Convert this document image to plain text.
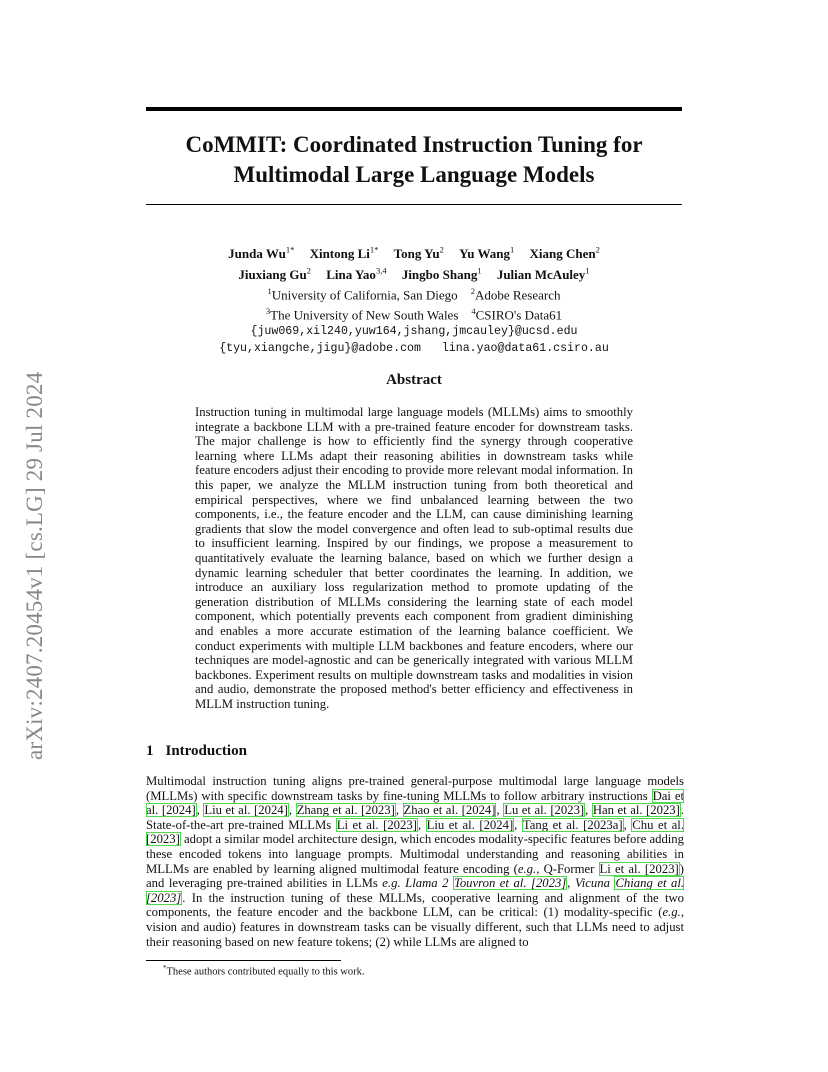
arXiv:2407.20454v1 [cs.LG] 29 Jul 2024
CoMMIT: Coordinated Instruction Tuning for
Multimodal Large Language Models
Junda $Wu^{1*}$ Xintong $Li^{1*}$ Tong Yu$^2$ Yu Wang$^1$ Xiang Chen$^2$
Jiuxiang Gu$^2$ Lina Yao$^{3,4}$ Jingbo Shang$^1$ Julian McAuley$^1$
$^1$University of California, San Diego $^2$Adobe Research
$^3$The University of New South Wales $^4$CSIRO's Data61
{juw069,xil240,yuw164,jshang,jmcauley}@ucsd.edu
{tyu,xiangche,jigu}@adobe.com lina.yao@data61.csiro.au
Abstract
Instruction tuning in multimodal large language models (MLLMs) aims to smoothly integrate a backbone LLM with a pre-trained feature encoder for downstream tasks. The major challenge is how to efficiently find the synergy through cooperative learning where LLMs adapt their reasoning abilities in downstream tasks while feature encoders adjust their encoding to provide more relevant modal information. In this paper, we analyze the MLLM instruction tuning from both theoretical and empirical perspectives, where we find unbalanced learning between the two components, i.e., the feature encoder and the LLM, can cause diminishing learning gradients that slow the model convergence and often lead to sub-optimal results due to insufficient learning. Inspired by our findings, we propose a measurement to quantitatively evaluate the learning balance, based on which we further design a dynamic learning scheduler that better coordinates the learning. In addition, we introduce an auxiliary loss regularization method to promote updating of the generation distribution of MLLMs considering the learning state of each model component, which potentially prevents each component from gradient diminishing and enables a more accurate estimation of the learning balance coefficient. We conduct experiments with multiple LLM backbones and feature encoders, where our techniques are model-agnostic and can be generically integrated with various MLLM backbones. Experiment results on multiple downstream tasks and modalities in vision and audio, demonstrate the proposed method's better efficiency and effectiveness in MLLM instruction tuning.
1 Introduction
Multimodal instruction tuning aligns pre-trained general-purpose multimodal large language models (MLLMs) with specific downstream tasks by fine-tuning MLLMs to follow arbitrary instructions Dai et al. [2024], Liu et al. [2024], Zhang et al. [2023], Zhao et al. [2024], Lu et al. [2023], Han et al. [2023]. State-of-the-art pre-trained MLLMs Li et al. [2023], Liu et al. [2024], Tang et al. [2023a], Chu et al. [2023] adopt a similar model architecture design, which encodes modality-specific features before adding these encoded tokens into language prompts. Multimodal understanding and reasoning abilities in MLLMs are enabled by learning aligned multimodal feature encoding (e.g., Q-Former Li et al. [2023]) and leveraging pre-trained abilities in LLMs e.g. Llama 2 Touvron et al. [2023], Vicuna Chiang et al. [2023]. In the instruction tuning of these MLLMs, cooperative learning and alignment of the two components, the feature encoder and the backbone LLM, can be critical: (1) modality-specific (e.g., vision and audio) features in downstream tasks can be visually different, such that LLMs need to adjust their reasoning based on new feature tokens; (2) while LLMs are aligned to
*These authors contributed equally to this work.
